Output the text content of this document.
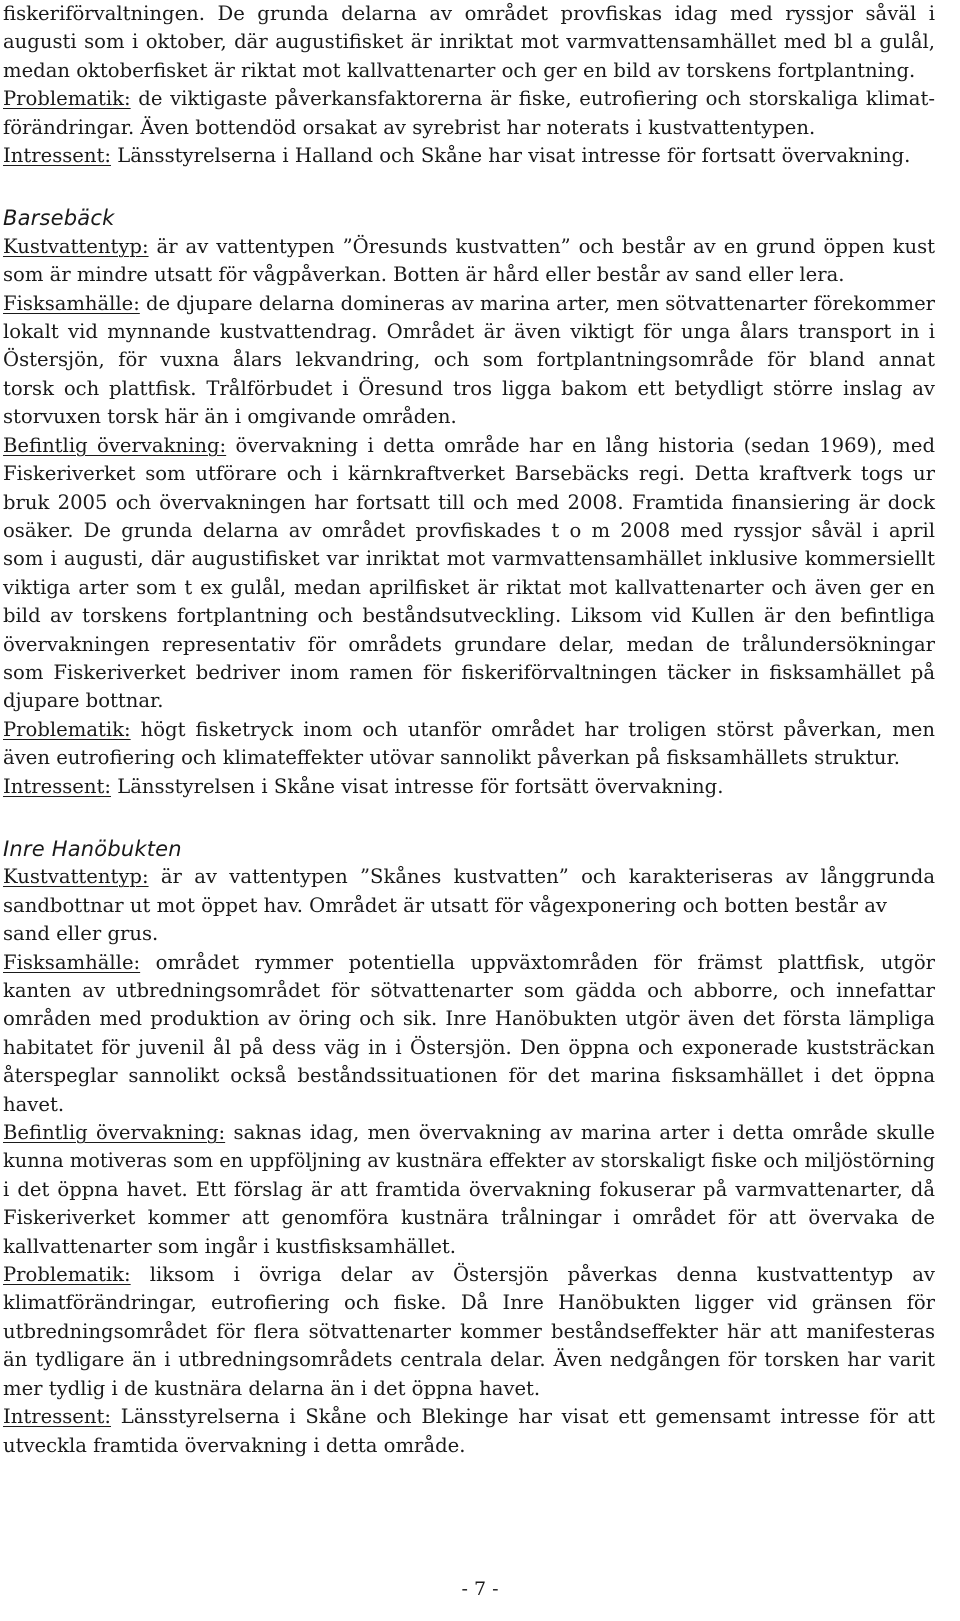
fiskeriförvaltningen. De grunda delarna av området provfiskas idag med ryssjor såväl i
augusti som i oktober, där augustifisket är inriktat mot varmvattensamhället med bl a gulål,
medan oktoberfisket är riktat mot kallvattenarter och ger en bild av torskens fortplantning.
Problematik: de viktigaste påverkansfaktorerna är fiske, eutrofiering och storskaliga klimat-
förändringar. Även bottendöd orsakat av syrebrist har noterats i kustvattentypen.
Intressent: Länsstyrelserna i Halland och Skåne har visat intresse för fortsatt övervakning.
Barsebäck
Kustvattentyp: är av vattentypen ”Öresunds kustvatten” och består av en grund öppen kust
som är mindre utsatt för vågpåverkan. Botten är hård eller består av sand eller lera.
Fisksamhälle: de djupare delarna domineras av marina arter, men sötvattenarter förekommer
lokalt vid mynnande kustvattendrag. Området är även viktigt för unga ålars transport in i
Östersjön, för vuxna ålars lekvandring, och som fortplantningsområde för bland annat
torsk och plattfisk. Trålförbudet i Öresund tros ligga bakom ett betydligt större inslag av
storvuxen torsk här än i omgivande områden.
Befintlig övervakning: övervakning i detta område har en lång historia (sedan 1969), med
Fiskeriverket som utförare och i kärnkraftverket Barsebäcks regi. Detta kraftverk togs ur
bruk 2005 och övervakningen har fortsatt till och med 2008. Framtida finansiering är dock
osäker. De grunda delarna av området provfiskades t o m 2008 med ryssjor såväl i april
som i augusti, där augustifisket var inriktat mot varmvattensamhället inklusive kommersiellt
viktiga arter som t ex gulål, medan aprilfisket är riktat mot kallvattenarter och även ger en
bild av torskens fortplantning och beståndsutveckling. Liksom vid Kullen är den befintliga
övervakningen representativ för områdets grundare delar, medan de trålundersökningar
som Fiskeriverket bedriver inom ramen för fiskeriförvaltningen täcker in fisksamhället på
djupare bottnar.
Problematik: högt fisketryck inom och utanför området har troligen störst påverkan, men
även eutrofiering och klimateffekter utövar sannolikt påverkan på fisksamhällets struktur.
Intressent: Länsstyrelsen i Skåne visat intresse för fortsätt övervakning.
Inre Hanöbukten
Kustvattentyp: är av vattentypen ”Skånes kustvatten” och karakteriseras av långgrunda
sandbottnar ut mot öppet hav. Området är utsatt för vågexponering och botten består av
sand eller grus.
Fisksamhälle: området rymmer potentiella uppväxtområden för främst plattfisk, utgör
kanten av utbredningsområdet för sötvattenarter som gädda och abborre, och innefattar
områden med produktion av öring och sik. Inre Hanöbukten utgör även det första lämpliga
habitatet för juvenil ål på dess väg in i Östersjön. Den öppna och exponerade kuststräckan
återspeglar sannolikt också beståndssituationen för det marina fisksamhället i det öppna
havet.
Befintlig övervakning: saknas idag, men övervakning av marina arter i detta område skulle
kunna motiveras som en uppföljning av kustnära effekter av storskaligt fiske och miljöstörning
i det öppna havet. Ett förslag är att framtida övervakning fokuserar på varmvattenarter, då
Fiskeriverket kommer att genomföra kustnära trålningar i området för att övervaka de
kallvattenarter som ingår i kustfisksamhället.
Problematik: liksom i övriga delar av Östersjön påverkas denna kustvattentyp av
klimatförändringar, eutrofiering och fiske. Då Inre Hanöbukten ligger vid gränsen för
utbredningsområdet för flera sötvattenarter kommer beståndseffekter här att manifesteras
än tydligare än i utbredningsområdets centrala delar. Även nedgången för torsken har varit
mer tydlig i de kustnära delarna än i det öppna havet.
Intressent: Länsstyrelserna i Skåne och Blekinge har visat ett gemensamt intresse för att
utveckla framtida övervakning i detta område.
- 7 -
